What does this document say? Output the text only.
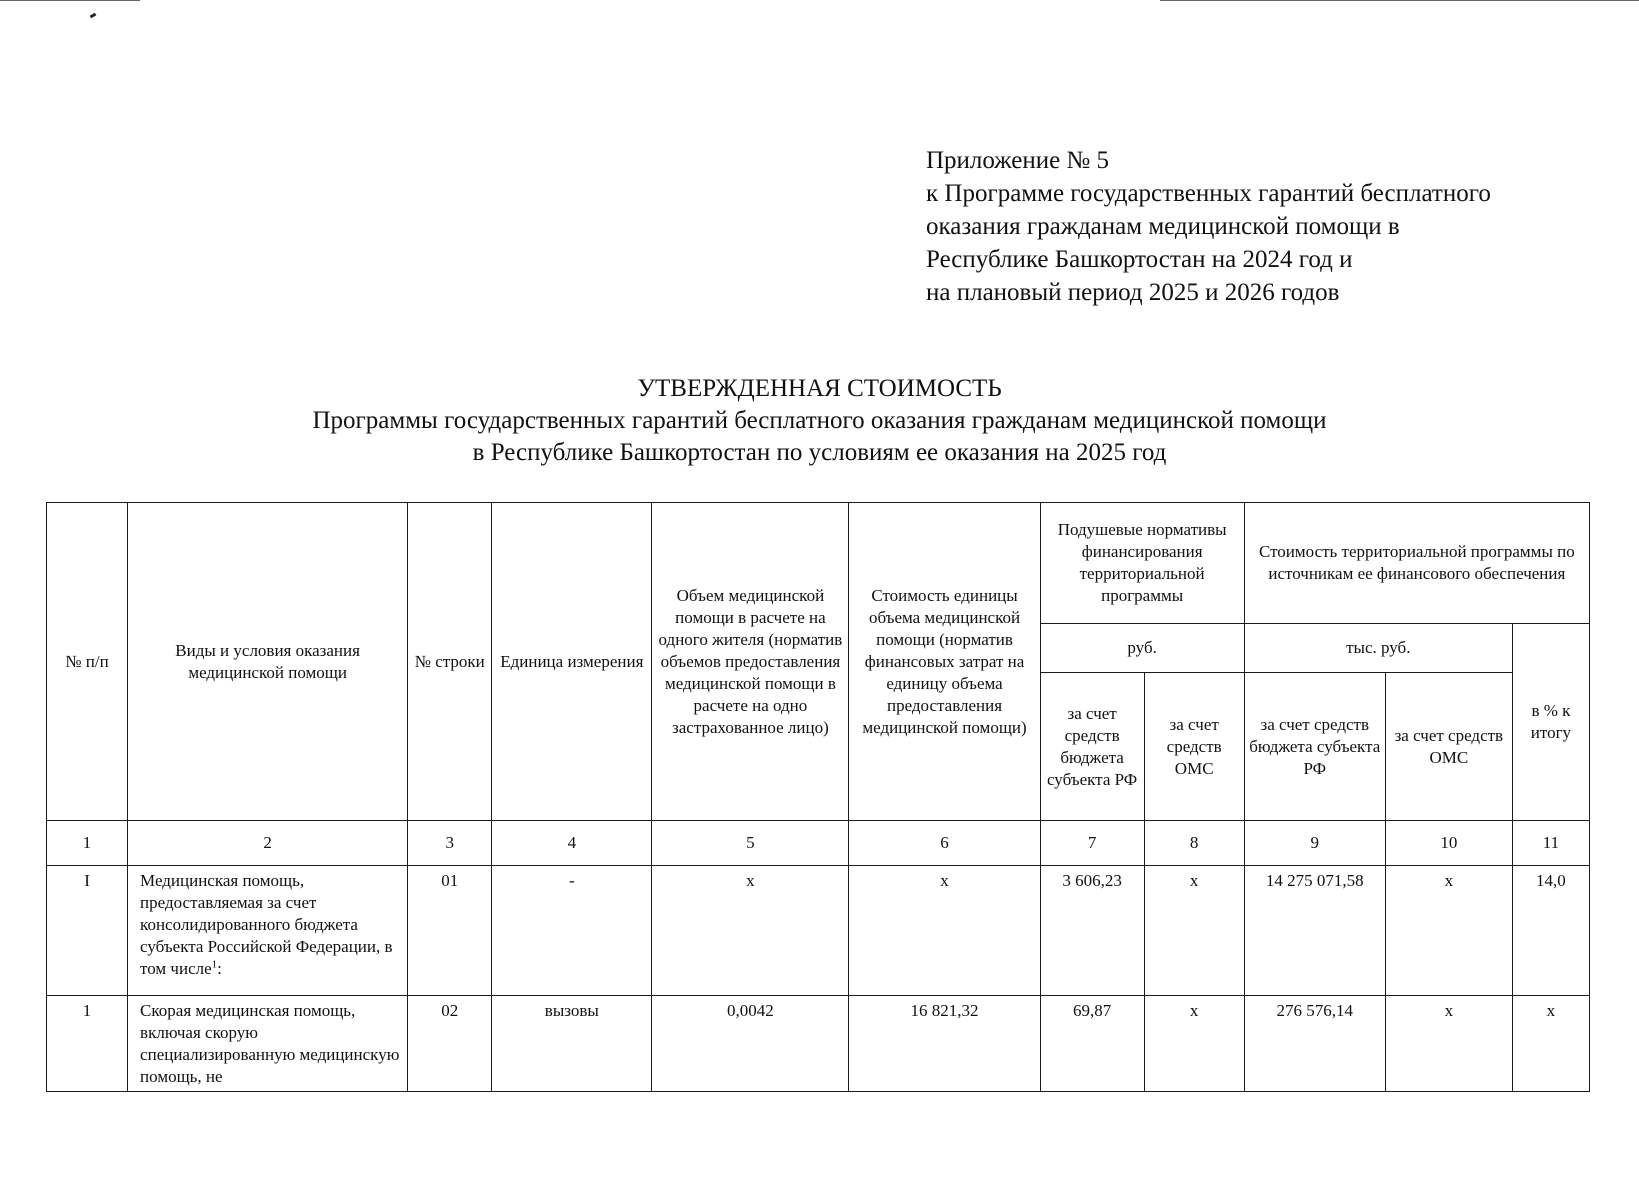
Приложение № 5
к Программе государственных гарантий бесплатного
оказания гражданам медицинской помощи в
Республике Башкортостан на 2024 год и
на плановый период 2025 и 2026 годов
УТВЕРЖДЕННАЯ СТОИМОСТЬ
Программы государственных гарантий бесплатного оказания гражданам медицинской помощи
в Республике Башкортостан по условиям ее оказания на 2025 год
№ п/п	Виды и условия оказания медицинской помощи	№ строки	Единица измерения	Объем медицинской помощи в расчете на одного жителя (норматив объемов предоставления медицинской помощи в расчете на одно застрахованное лицо)	Стоимость единицы объема медицинской помощи (норматив финансовых затрат на единицу объема предоставления медицинской помощи)	Подушевые нормативы финансирования территориальной программы		Стоимость территориальной программы по источникам ее финансового обеспечения		
						руб.		тыс. руб.		в % к итогу
						за счет средств бюджета субъекта РФ	за счет средств ОМС	за счет средств бюджета субъекта РФ	за счет средств ОМС	
1	2	3	4	5	6	7	8	9	10	11
I	Медицинская помощь, предоставляемая за счет консолидированного бюджета субъекта Российской Федерации, в том числе$^1$:	01	-	х	х	3 606,23	х	14 275 071,58	х	14,0
1	Скорая медицинская помощь, включая скорую специализированную медицинскую помощь, не	02	вызовы	0,0042	16 821,32	69,87	х	276 576,14	х	х
